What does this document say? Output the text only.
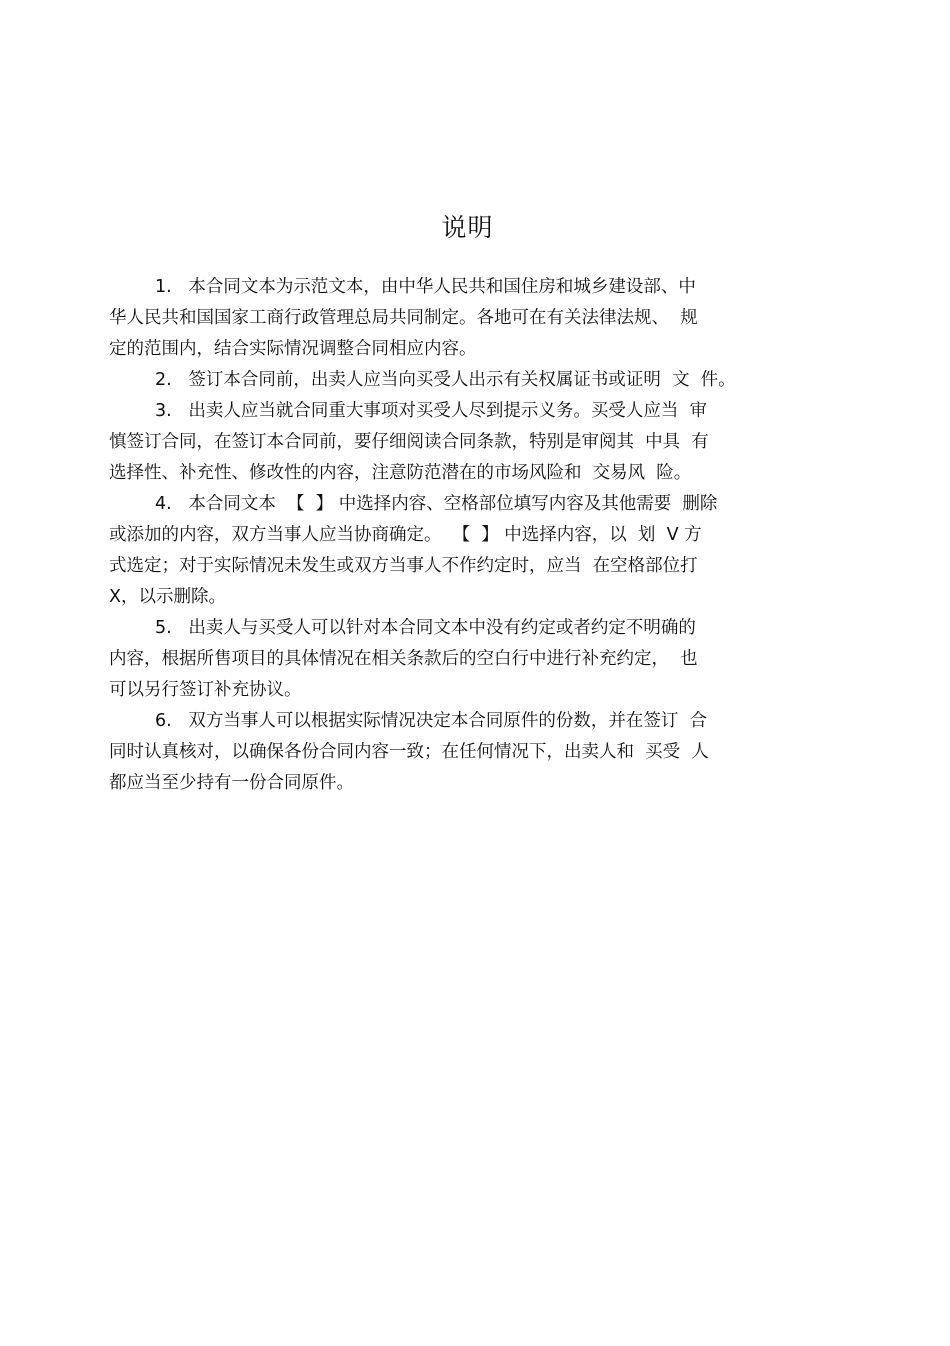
说明
1.   本合同文本为示范文本，由中华人民共和国住房和城乡建设部、中
华人民共和国国家工商行政管理总局共同制定。各地可在有关法律法规、  规
定的范围内，结合实际情况调整合同相应内容。
2.   签订本合同前，出卖人应当向买受人出示有关权属证书或证明  文  件。
3.   出卖人应当就合同重大事项对买受人尽到提示义务。买受人应当  审
慎签订合同，在签订本合同前，要仔细阅读合同条款，特别是审阅其  中具  有
选择性、补充性、修改性的内容，注意防范潜在的市场风险和  交易风  险。
4.   本合同文本  【  】 中选择内容、空格部位填写内容及其他需要  删除
或添加的内容，双方当事人应当协商确定。  【  】 中选择内容，以  划  V 方
式选定；对于实际情况未发生或双方当事人不作约定时，应当  在空格部位打
X，以示删除。
5.   出卖人与买受人可以针对本合同文本中没有约定或者约定不明确的
内容，根据所售项目的具体情况在相关条款后的空白行中进行补充约定，  也
可以另行签订补充协议。
6.   双方当事人可以根据实际情况决定本合同原件的份数，并在签订  合
同时认真核对，以确保各份合同内容一致；在任何情况下，出卖人和  买受  人
都应当至少持有一份合同原件。
